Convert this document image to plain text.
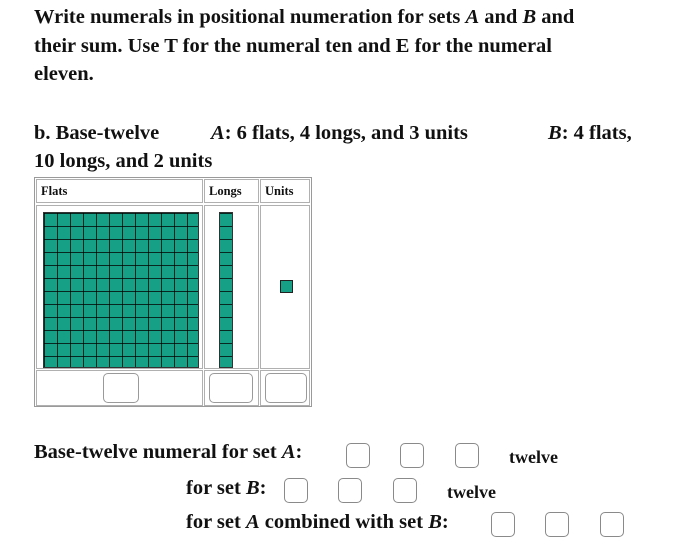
Write numerals in positional numeration for sets A and B and
their sum. Use T for the numeral ten and E for the numeral
eleven.
b. Base-twelve	A: 6 flats, 4 longs, and 3 units	B: 4 flats,
10 longs, and 2 units
Flats	Longs	Units
Base-twelve numeral for set A:	twelve
for set B:	twelve
for set A combined with set B:
